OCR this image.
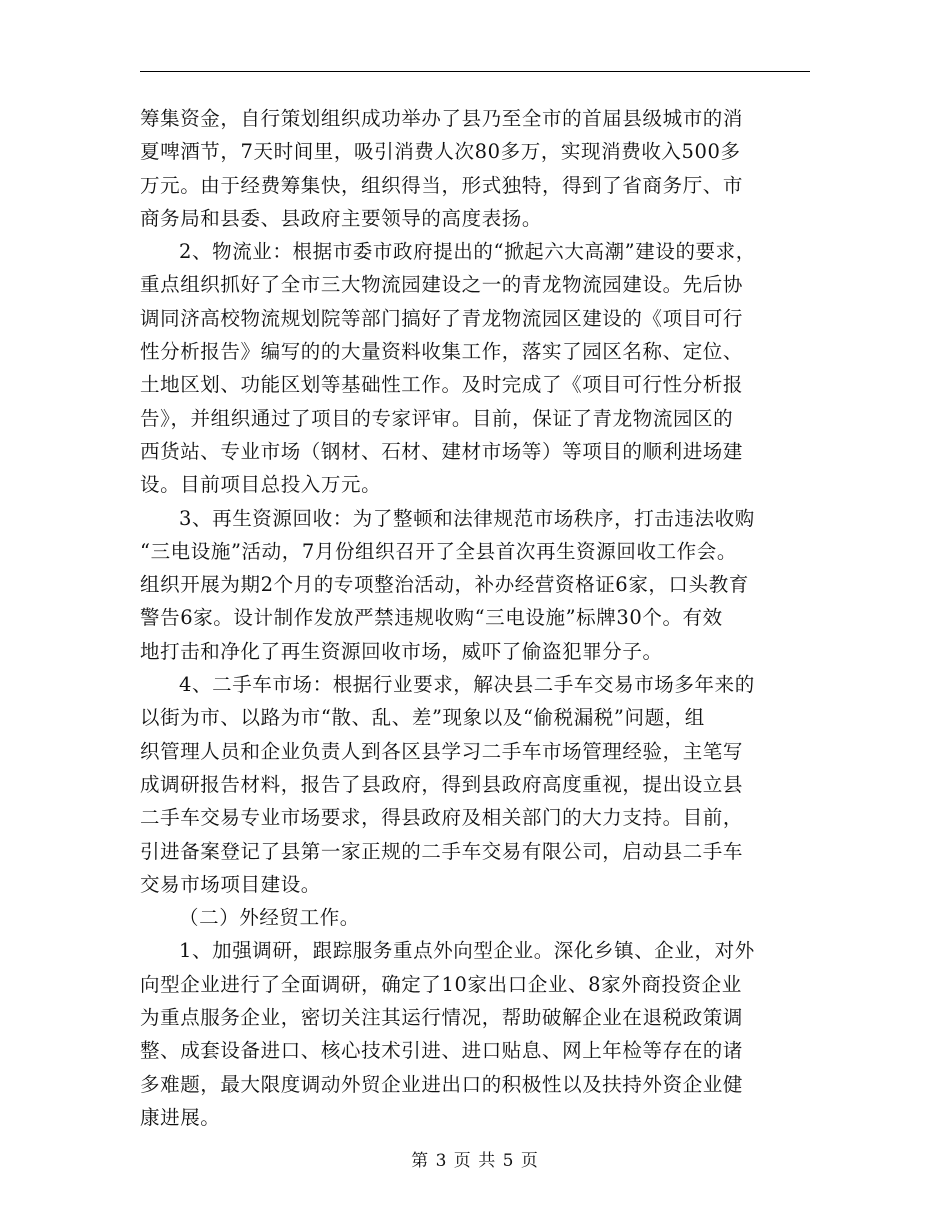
筹集资金，自行策划组织成功举办了县乃至全市的首届县级城市的消
夏啤酒节，7天时间里，吸引消费人次80多万，实现消费收入500多
万元。由于经费筹集快，组织得当，形式独特，得到了省商务厅、市
商务局和县委、县政府主要领导的高度表扬。
2、物流业：根据市委市政府提出的“掀起六大高潮”建设的要求，
重点组织抓好了全市三大物流园建设之一的青龙物流园建设。先后协
调同济高校物流规划院等部门搞好了青龙物流园区建设的《项目可行
性分析报告》编写的的大量资料收集工作，落实了园区名称、定位、
土地区划、功能区划等基础性工作。及时完成了《项目可行性分析报
告》，并组织通过了项目的专家评审。目前，保证了青龙物流园区的
西货站、专业市场（钢材、石材、建材市场等）等项目的顺利进场建
设。目前项目总投入万元。
3、再生资源回收：为了整顿和法律规范市场秩序，打击违法收购
“三电设施”活动，7月份组织召开了全县首次再生资源回收工作会。
组织开展为期2个月的专项整治活动，补办经营资格证6家，口头教育
警告6家。设计制作发放严禁违规收购“三电设施”标牌30个。有效
地打击和净化了再生资源回收市场，威吓了偷盗犯罪分子。
4、二手车市场：根据行业要求，解决县二手车交易市场多年来的
以街为市、以路为市“散、乱、差”现象以及“偷税漏税”问题，组
织管理人员和企业负责人到各区县学习二手车市场管理经验，主笔写
成调研报告材料，报告了县政府，得到县政府高度重视，提出设立县
二手车交易专业市场要求，得县政府及相关部门的大力支持。目前，
引进备案登记了县第一家正规的二手车交易有限公司，启动县二手车
交易市场项目建设。
（二）外经贸工作。
1、加强调研，跟踪服务重点外向型企业。深化乡镇、企业，对外
向型企业进行了全面调研，确定了10家出口企业、8家外商投资企业
为重点服务企业，密切关注其运行情况，帮助破解企业在退税政策调
整、成套设备进口、核心技术引进、进口贴息、网上年检等存在的诸
多难题，最大限度调动外贸企业进出口的积极性以及扶持外资企业健
康进展。
第 3 页 共 5 页
